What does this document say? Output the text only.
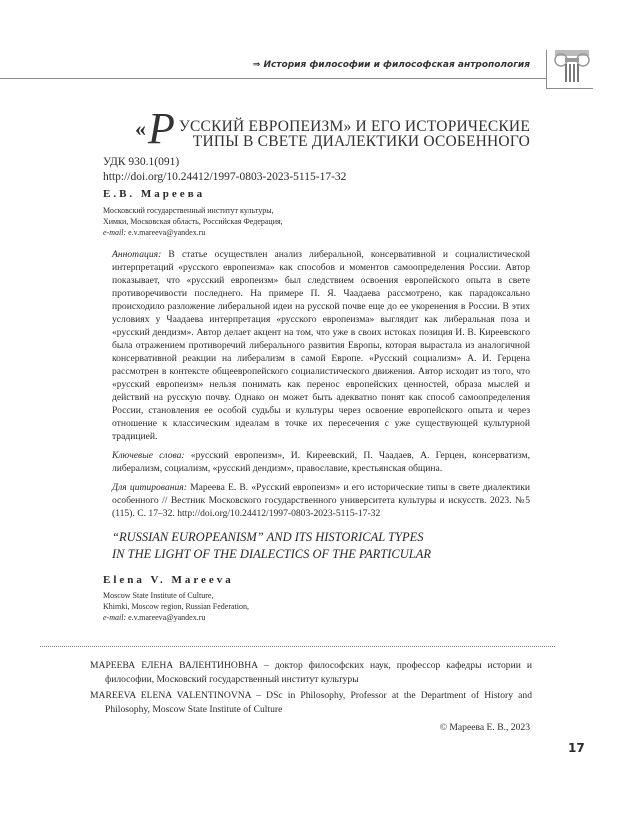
⇒ История философии и философская антропология
« Р УССКИЙ ЕВРОПЕИЗМ» И ЕГО ИСТОРИЧЕСКИЕ
ТИПЫ В СВЕТЕ ДИАЛЕКТИКИ ОСОБЕННОГО
УДК 930.1(091)
http://doi.org/10.24412/1997-0803-2023-5115-17-32
Е.В. Мареева
Московский государственный институт культуры,
Химки, Московская область, Российская Федерация,
e-mail: e.v.mareeva@yandex.ru
Аннотация: В статье осуществлен анализ либеральной, консервативной и социалистической интерпретаций «русского европеизма» как способов и моментов самоопределения России. Автор показывает, что «русский европеизм» был следствием освоения европейского опыта в свете противоречивости последнего. На примере П. Я. Чаадаева рассмотрено, как парадоксально происходило разложение либеральной идеи на русской почве еще до ее укоренения в России. В этих условиях у Чаадаева интерпретация «русского европеизма» выглядит как либеральная поза и «русский дендизм». Автор делает акцент на том, что уже в своих истоках позиция И. В. Киреевского была отражением противоречий либерального развития Европы, которая вырастала из аналогичной консервативной реакции на либерализм в самой Европе. «Русский социализм» А. И. Герцена рассмотрен в контексте общеевропейского социалистического движения. Автор исходит из того, что «русский европеизм» нельзя понимать как перенос европейских ценностей, образа мыслей и действий на русскую почву. Однако он может быть адекватно понят как способ самоопределения России, становления ее особой судьбы и культуры через освоение европейского опыта и через отношение к классическим идеалам в точке их пересечения с уже существующей культурной традицией.
Ключевые слова: «русский европеизм», И. Киреевский, П. Чаадаев, А. Герцен, консерватизм, либерализм, социализм, «русский дендизм», православие, крестьянская община.
Для цитирования: Мареева Е. В. «Русский европеизм» и его исторические типы в свете диалектики особенного // Вестник Московского государственного университета культуры и искусств. 2023. №5 (115). С. 17–32. http://doi.org/10.24412/1997-0803-2023-5115-17-32
“RUSSIAN EUROPEANISM” AND ITS HISTORICAL TYPES
IN THE LIGHT OF THE DIALECTICS OF THE PARTICULAR
Elena V. Mareeva
Moscow State Institute of Culture,
Khimki, Moscow region, Russian Federation,
e-mail: e.v.mareeva@yandex.ru
МАРЕЕВА ЕЛЕНА ВАЛЕНТИНОВНА – доктор философских наук, профессор кафедры истории и философии, Московский государственный институт культуры
MAREEVA ELENA VALENTINOVNA – DSc in Philosophy, Professor at the Department of History and Philosophy, Moscow State Institute of Culture
© Мареева Е. В., 2023
17
